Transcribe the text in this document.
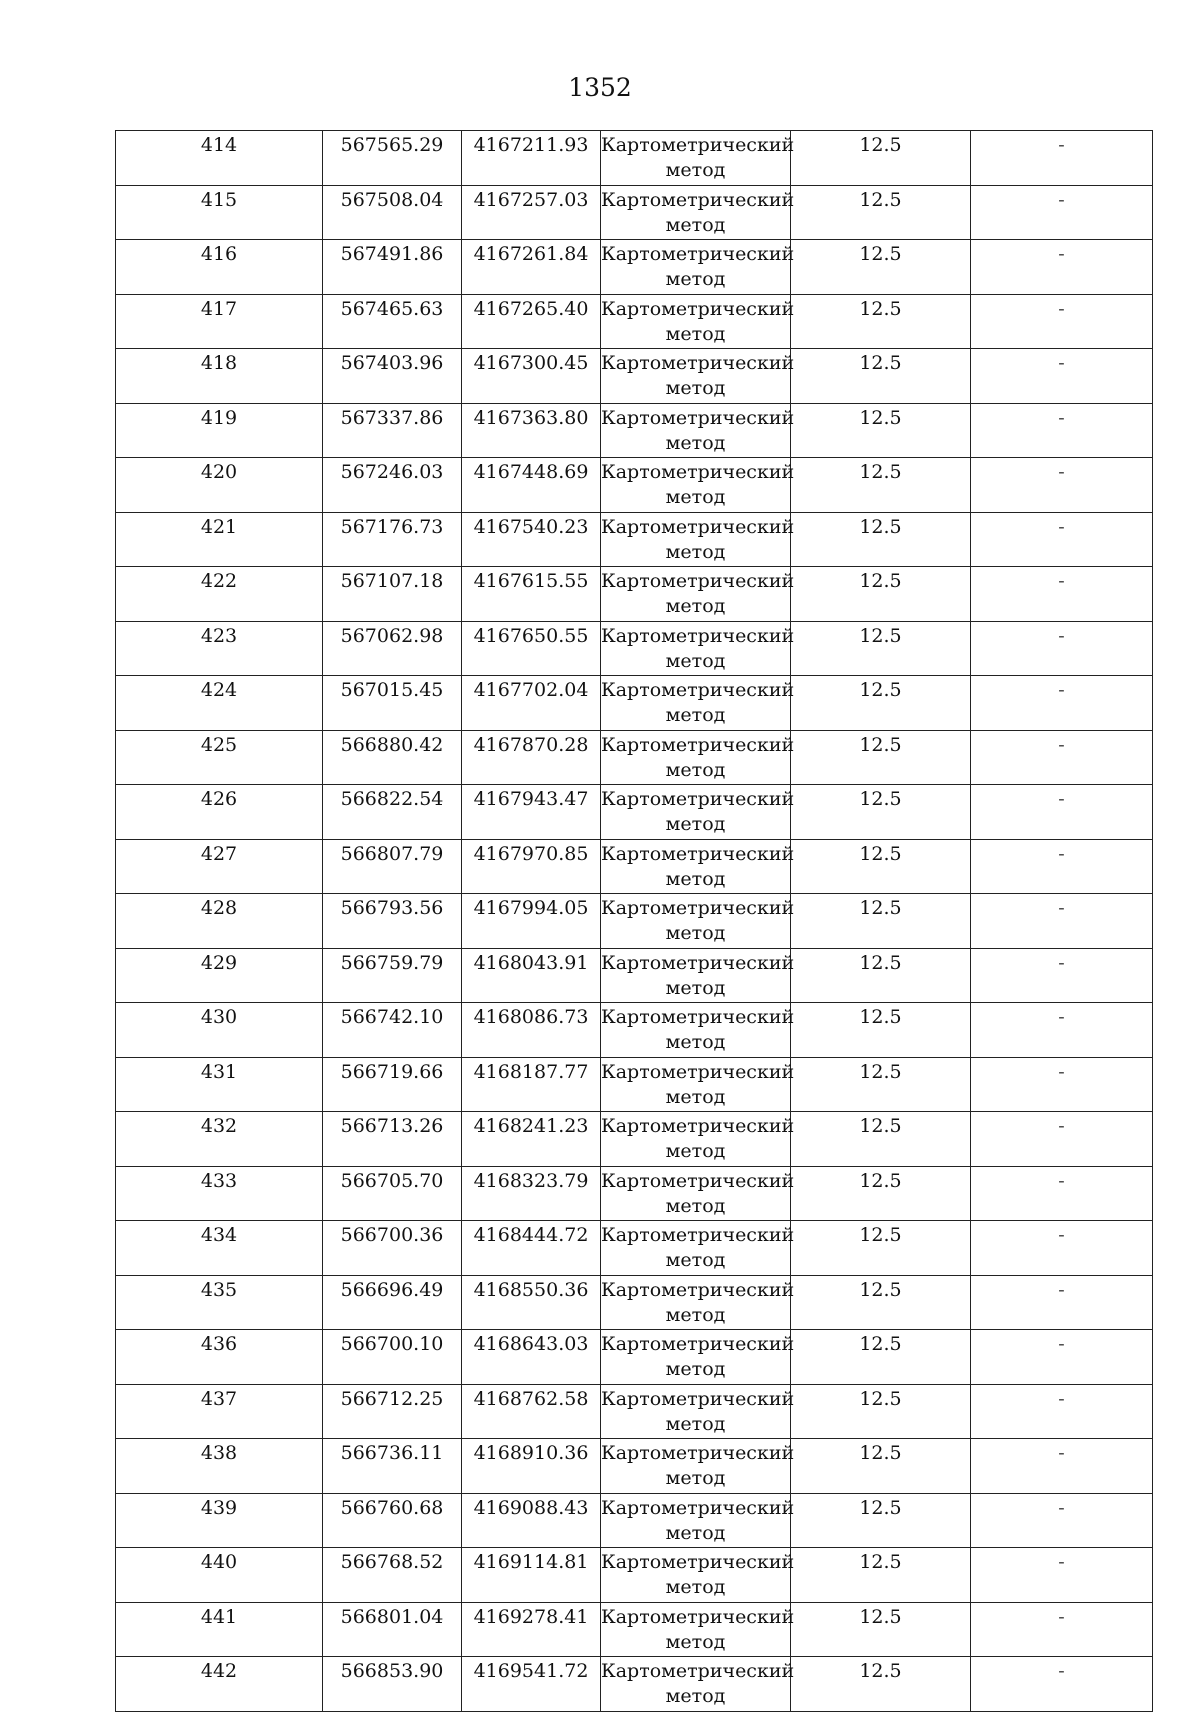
1352
414	567565.29	4167211.93	Картометрический метод	12.5	-
415	567508.04	4167257.03	Картометрический метод	12.5	-
416	567491.86	4167261.84	Картометрический метод	12.5	-
417	567465.63	4167265.40	Картометрический метод	12.5	-
418	567403.96	4167300.45	Картометрический метод	12.5	-
419	567337.86	4167363.80	Картометрический метод	12.5	-
420	567246.03	4167448.69	Картометрический метод	12.5	-
421	567176.73	4167540.23	Картометрический метод	12.5	-
422	567107.18	4167615.55	Картометрический метод	12.5	-
423	567062.98	4167650.55	Картометрический метод	12.5	-
424	567015.45	4167702.04	Картометрический метод	12.5	-
425	566880.42	4167870.28	Картометрический метод	12.5	-
426	566822.54	4167943.47	Картометрический метод	12.5	-
427	566807.79	4167970.85	Картометрический метод	12.5	-
428	566793.56	4167994.05	Картометрический метод	12.5	-
429	566759.79	4168043.91	Картометрический метод	12.5	-
430	566742.10	4168086.73	Картометрический метод	12.5	-
431	566719.66	4168187.77	Картометрический метод	12.5	-
432	566713.26	4168241.23	Картометрический метод	12.5	-
433	566705.70	4168323.79	Картометрический метод	12.5	-
434	566700.36	4168444.72	Картометрический метод	12.5	-
435	566696.49	4168550.36	Картометрический метод	12.5	-
436	566700.10	4168643.03	Картометрический метод	12.5	-
437	566712.25	4168762.58	Картометрический метод	12.5	-
438	566736.11	4168910.36	Картометрический метод	12.5	-
439	566760.68	4169088.43	Картометрический метод	12.5	-
440	566768.52	4169114.81	Картометрический метод	12.5	-
441	566801.04	4169278.41	Картометрический метод	12.5	-
442	566853.90	4169541.72	Картометрический метод	12.5	-
